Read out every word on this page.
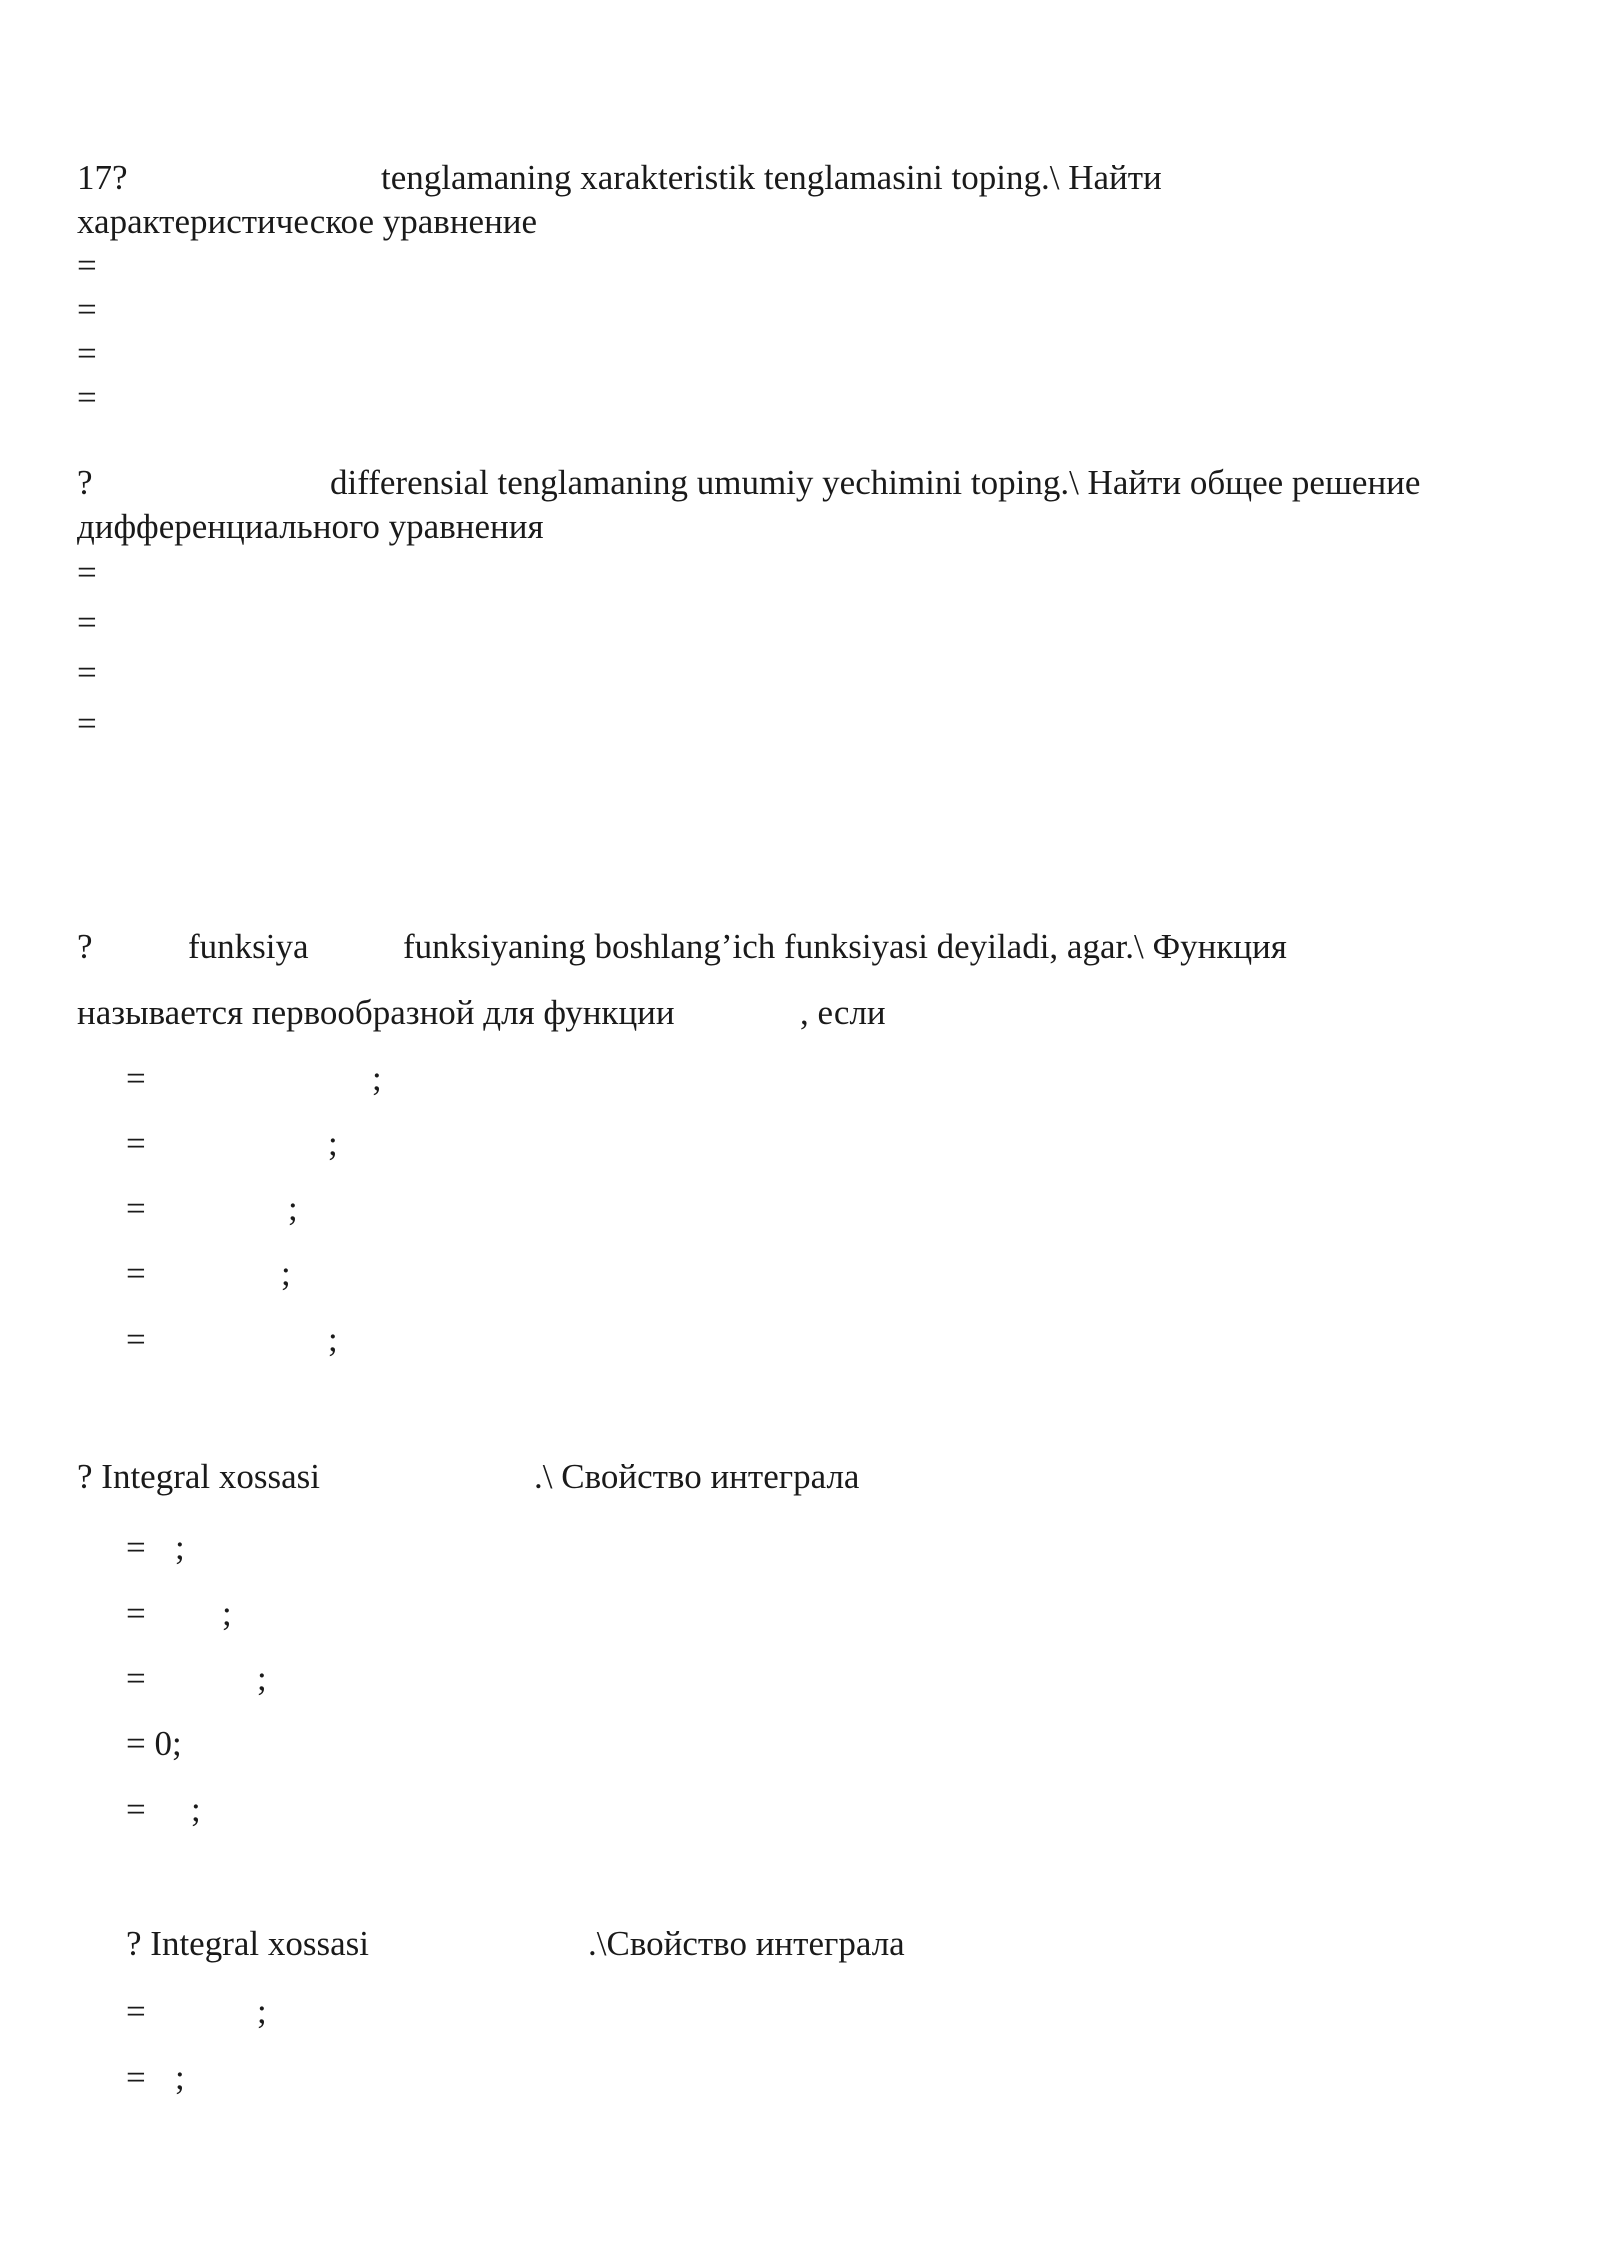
17?	tenglamaning xarakteristik tenglamasini toping.\ Найти
характеристическое уравнение
=
=
=
=
?	differensial tenglamaning umumiy yechimini toping.\ Найти общее решение
дифференциального уравнения
=
=
=
=
?	funksiya	funksiyaning boshlang’ich funksiyasi deyiladi, agar.\ Функция
называется первообразной для функции	, если
=	;
=	;
=	;
=	;
=	;
? Integral xossasi	.\ Свойство интеграла
= ;
= ;
=	;
= 0;
= ;
? Integral xossasi	.\Свойство интеграла
=	;
= ;
